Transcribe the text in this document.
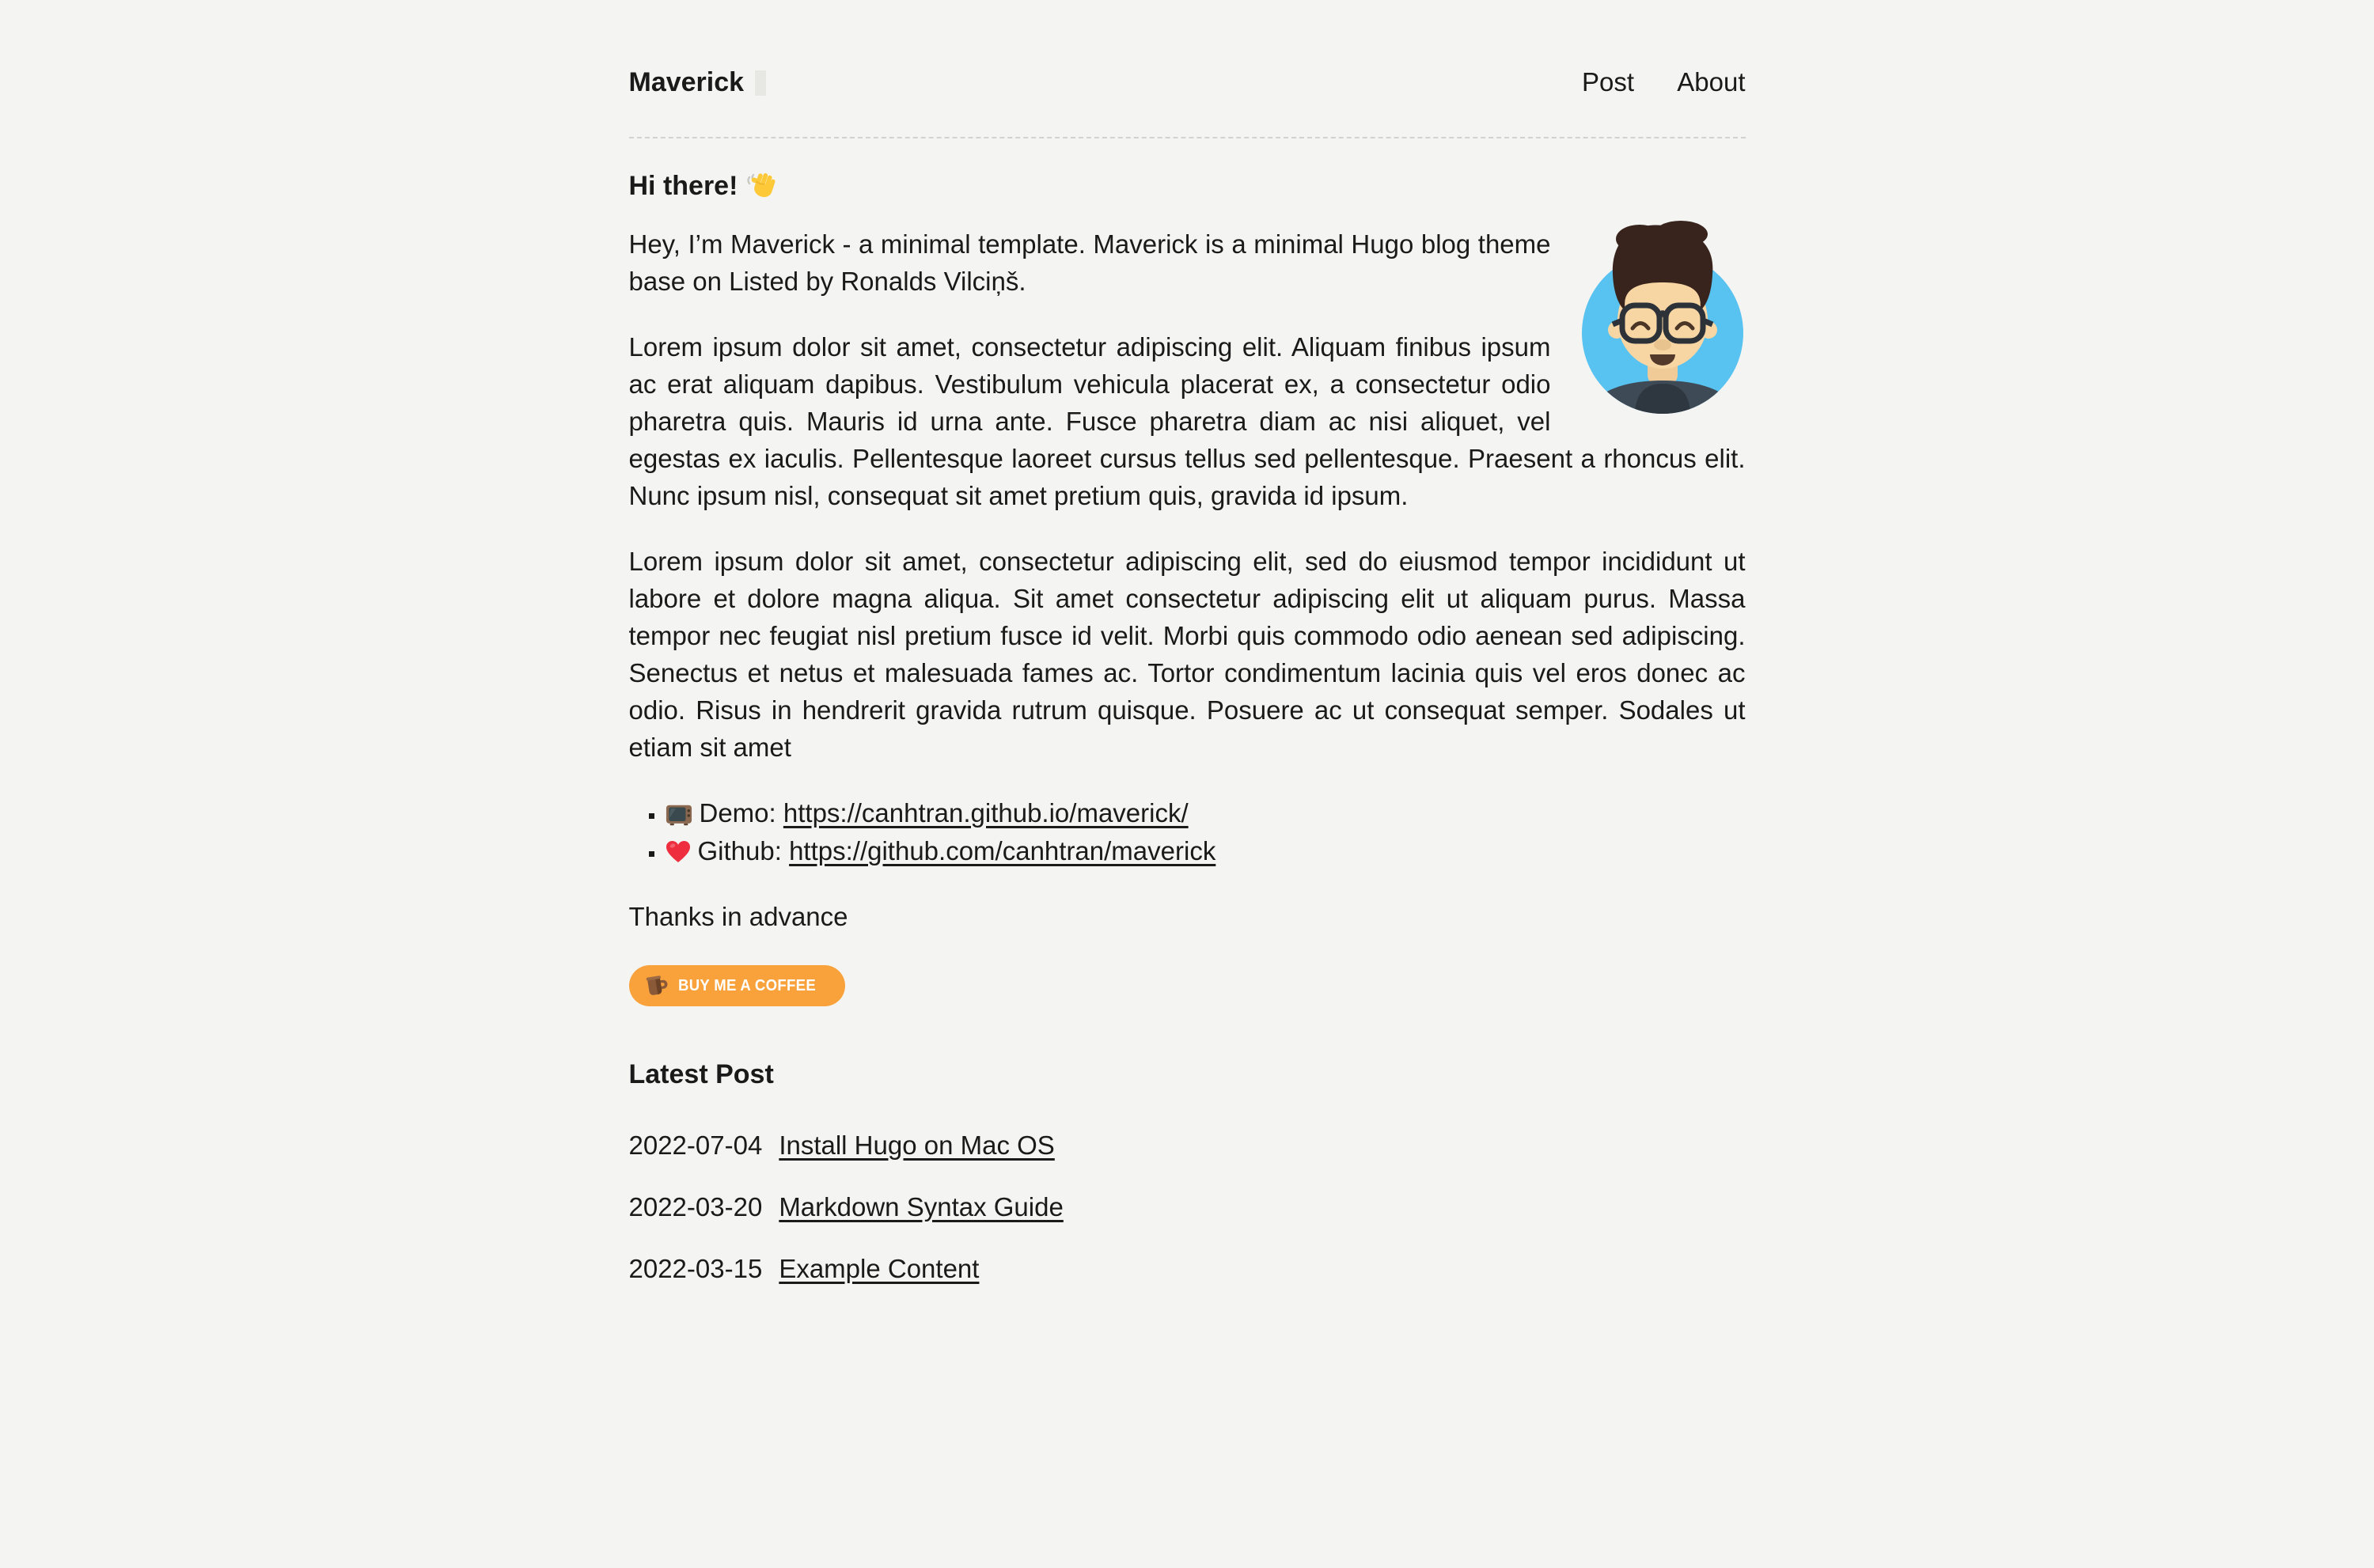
Maverick	Post About
Hi there!

Hey, I’m Maverick - a minimal template. Maverick is a minimal Hugo blog theme base on Listed by Ronalds Vilciņš.

Lorem ipsum dolor sit amet, consectetur adipiscing elit. Aliquam finibus ipsum ac erat aliquam dapibus. Vestibulum vehicula placerat ex, a consectetur odio pharetra quis. Mauris id urna ante. Fusce pharetra diam ac nisi aliquet, vel egestas ex iaculis. Pellentesque laoreet cursus tellus sed pellentesque. Praesent a rhoncus elit. Nunc ipsum nisl, consequat sit amet pretium quis, gravida id ipsum.

Lorem ipsum dolor sit amet, consectetur adipiscing elit, sed do eiusmod tempor incididunt ut labore et dolore magna aliqua. Sit amet consectetur adipiscing elit ut aliquam purus. Massa tempor nec feugiat nisl pretium fusce id velit. Morbi quis commodo odio aenean sed adipiscing. Senectus et netus et malesuada fames ac. Tortor condimentum lacinia quis vel eros donec ac odio. Risus in hendrerit gravida rutrum quisque. Posuere ac ut consequat semper. Sodales ut etiam sit amet

▪ Demo: https://canhtran.github.io/maverick/
▪ Github: https://github.com/canhtran/maverick

Thanks in advance

BUY ME A COFFEE
Latest Post

2022-07-04 Install Hugo on Mac OS

2022-03-20 Markdown Syntax Guide

2022-03-15 Example Content
